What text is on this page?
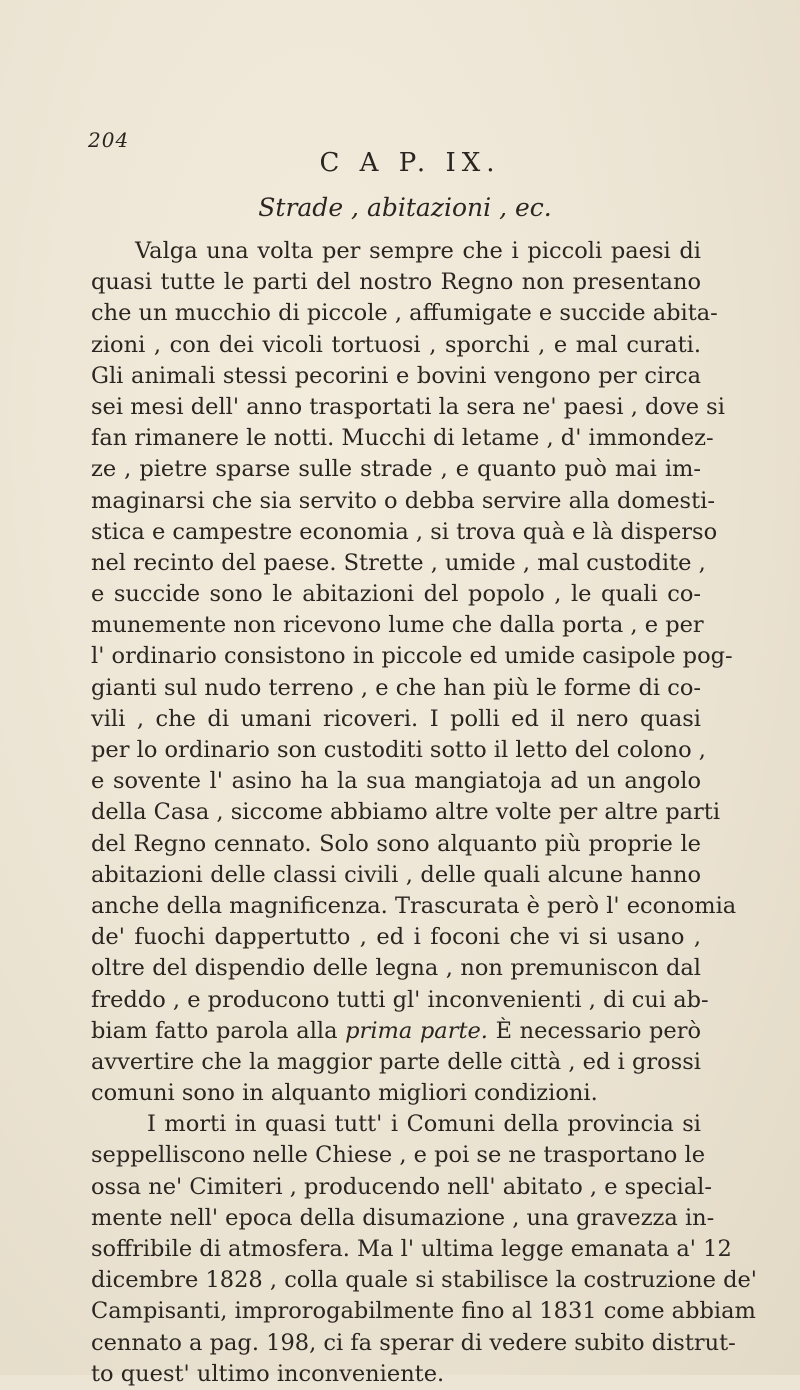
204
C A P. IX.
Strade , abitazioni , ec.
Valga una volta per sempre che i piccoli paesi di
quasi tutte le parti del nostro Regno non presentano
che un mucchio di piccole , affumigate e succide abita-
zioni , con dei vicoli tortuosi , sporchi , e mal curati.
Gli animali stessi pecorini e bovini vengono per circa
sei mesi dell' anno trasportati la sera ne' paesi , dove si
fan rimanere le notti. Mucchi di letame , d' immondez-
ze , pietre sparse sulle strade , e quanto può mai im-
maginarsi che sia servito o debba servire alla domesti-
stica e campestre economia , si trova quà e là disperso
nel recinto del paese. Strette , umide , mal custodite ,
e succide sono le abitazioni del popolo , le quali co-
munemente non ricevono lume che dalla porta , e per
l' ordinario consistono in piccole ed umide casipole pog-
gianti sul nudo terreno , e che han più le forme di co-
vili , che di umani ricoveri. I polli ed il nero quasi
per lo ordinario son custoditi sotto il letto del colono ,
e sovente l' asino ha la sua mangiatoja ad un angolo
della Casa , siccome abbiamo altre volte per altre parti
del Regno cennato. Solo sono alquanto più proprie le
abitazioni delle classi civili , delle quali alcune hanno
anche della magnificenza. Trascurata è però l' economia
de' fuochi dappertutto , ed i foconi che vi si usano ,
oltre del dispendio delle legna , non premuniscon dal
freddo , e producono tutti gl' inconvenienti , di cui ab-
biam fatto parola alla prima parte. È necessario però
avvertire che la maggior parte delle città , ed i grossi
comuni sono in alquanto migliori condizioni.
I morti in quasi tutt' i Comuni della provincia si
seppelliscono nelle Chiese , e poi se ne trasportano le
ossa ne' Cimiteri , producendo nell' abitato , e special-
mente nell' epoca della disumazione , una gravezza in-
soffribile di atmosfera. Ma l' ultima legge emanata a' 12
dicembre 1828 , colla quale si stabilisce la costruzione de'
Campisanti, improrogabilmente fino al 1831 come abbiam
cennato a pag. 198, ci fa sperar di vedere subito distrut-
to quest' ultimo inconveniente.
